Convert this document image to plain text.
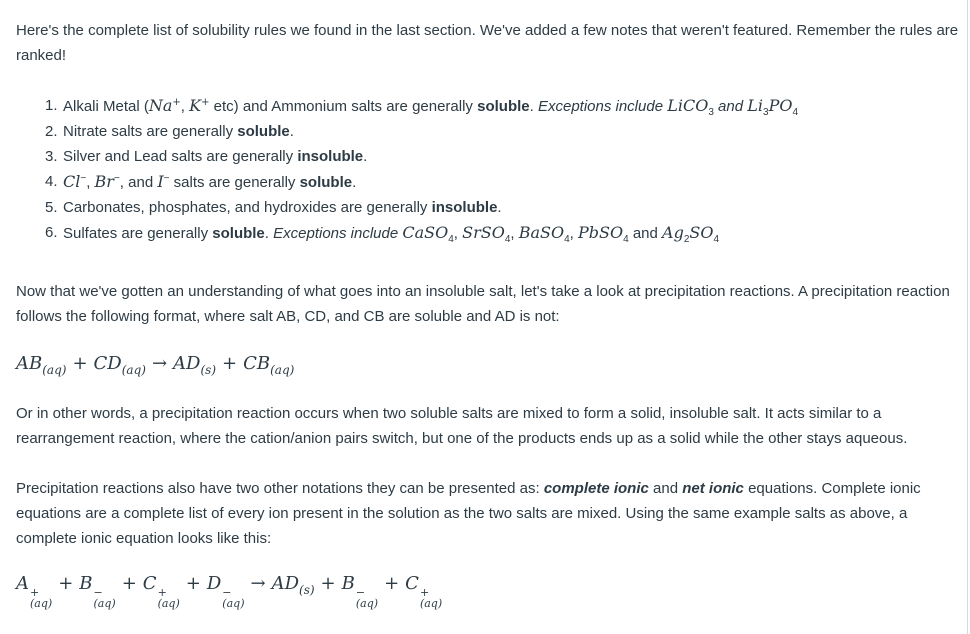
Here's the complete list of solubility rules we found in the last section. We've added a few notes that weren't featured. Remember the rules are ranked!

1. Alkali Metal (Na+, K+ etc) and Ammonium salts are generally soluble. Exceptions include LiCO$_3$ and $Li_3PO_4$
2. Nitrate salts are generally soluble.
3. Silver and Lead salts are generally insoluble.
4. Cl−, Br−, and I− salts are generally soluble.
5. Carbonates, phosphates, and hydroxides are generally insoluble.
6. Sulfates are generally soluble. Exceptions include CaSO$_4$, SrSO$_4$, BaSO$_4$, PbSO$_4$ and $Ag_2SO_4$

Now that we've gotten an understanding of what goes into an insoluble salt, let's take a look at precipitation reactions. A precipitation reaction follows the following format, where salt AB, CD, and CB are soluble and AD is not:

$AB_{(aq)} + CD_{(aq)} \to AD_{(s)} + CB_{(aq)}$

Or in other words, a precipitation reaction occurs when two soluble salts are mixed to form a solid, insoluble salt. It acts similar to a rearrangement reaction, where the cation/anion pairs switch, but one of the products ends up as a solid while the other stays aqueous.

Precipitation reactions also have two other notations they can be presented as: complete ionic and net ionic equations. Complete ionic equations are a complete list of every ion present in the solution as the two salts are mixed. Using the same example salts as above, a complete ionic equation looks like this:

A +
(aq)
+ B −
(aq)
+ C +
(aq)
+ D −
(aq)
→ $AD_{(s)} + B$ −
(aq)
+ C +
(aq)
